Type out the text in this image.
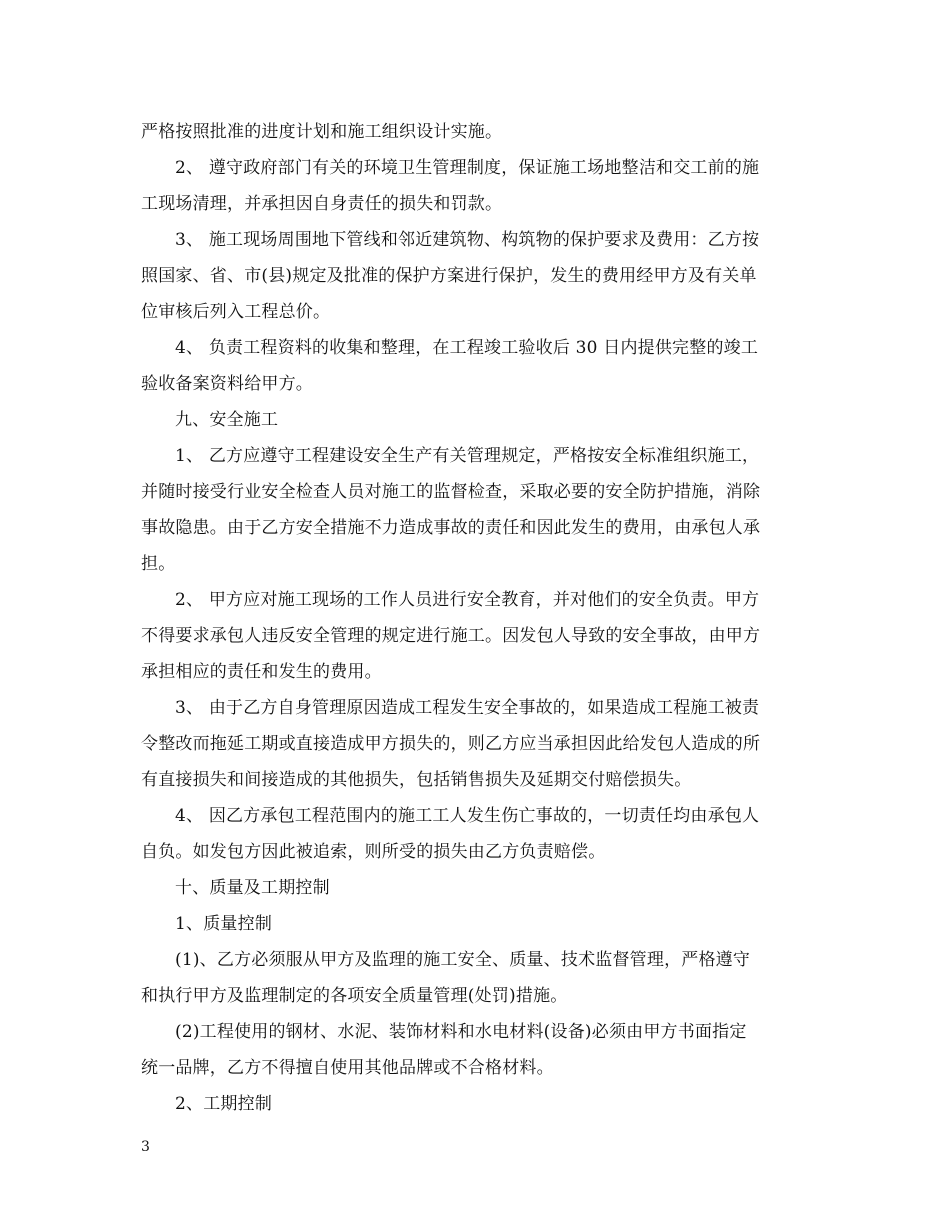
严格按照批准的进度计划和施工组织设计实施。
2、 遵守政府部门有关的环境卫生管理制度，保证施工场地整洁和交工前的施
工现场清理，并承担因自身责任的损失和罚款。
3、 施工现场周围地下管线和邻近建筑物、构筑物的保护要求及费用：乙方按
照国家、省、市(县)规定及批准的保护方案进行保护，发生的费用经甲方及有关单
位审核后列入工程总价。
4、 负责工程资料的收集和整理，在工程竣工验收后 30 日内提供完整的竣工
验收备案资料给甲方。
九、安全施工
1、 乙方应遵守工程建设安全生产有关管理规定，严格按安全标准组织施工，
并随时接受行业安全检查人员对施工的监督检查，采取必要的安全防护措施，消除
事故隐患。由于乙方安全措施不力造成事故的责任和因此发生的费用，由承包人承
担。
2、 甲方应对施工现场的工作人员进行安全教育，并对他们的安全负责。甲方
不得要求承包人违反安全管理的规定进行施工。因发包人导致的安全事故，由甲方
承担相应的责任和发生的费用。
3、 由于乙方自身管理原因造成工程发生安全事故的，如果造成工程施工被责
令整改而拖延工期或直接造成甲方损失的，则乙方应当承担因此给发包人造成的所
有直接损失和间接造成的其他损失，包括销售损失及延期交付赔偿损失。
4、 因乙方承包工程范围内的施工工人发生伤亡事故的，一切责任均由承包人
自负。如发包方因此被追索，则所受的损失由乙方负责赔偿。
十、质量及工期控制
1、质量控制
(1)、乙方必须服从甲方及监理的施工安全、质量、技术监督管理，严格遵守
和执行甲方及监理制定的各项安全质量管理(处罚)措施。
(2)工程使用的钢材、水泥、装饰材料和水电材料(设备)必须由甲方书面指定
统一品牌，乙方不得擅自使用其他品牌或不合格材料。
2、工期控制
3
